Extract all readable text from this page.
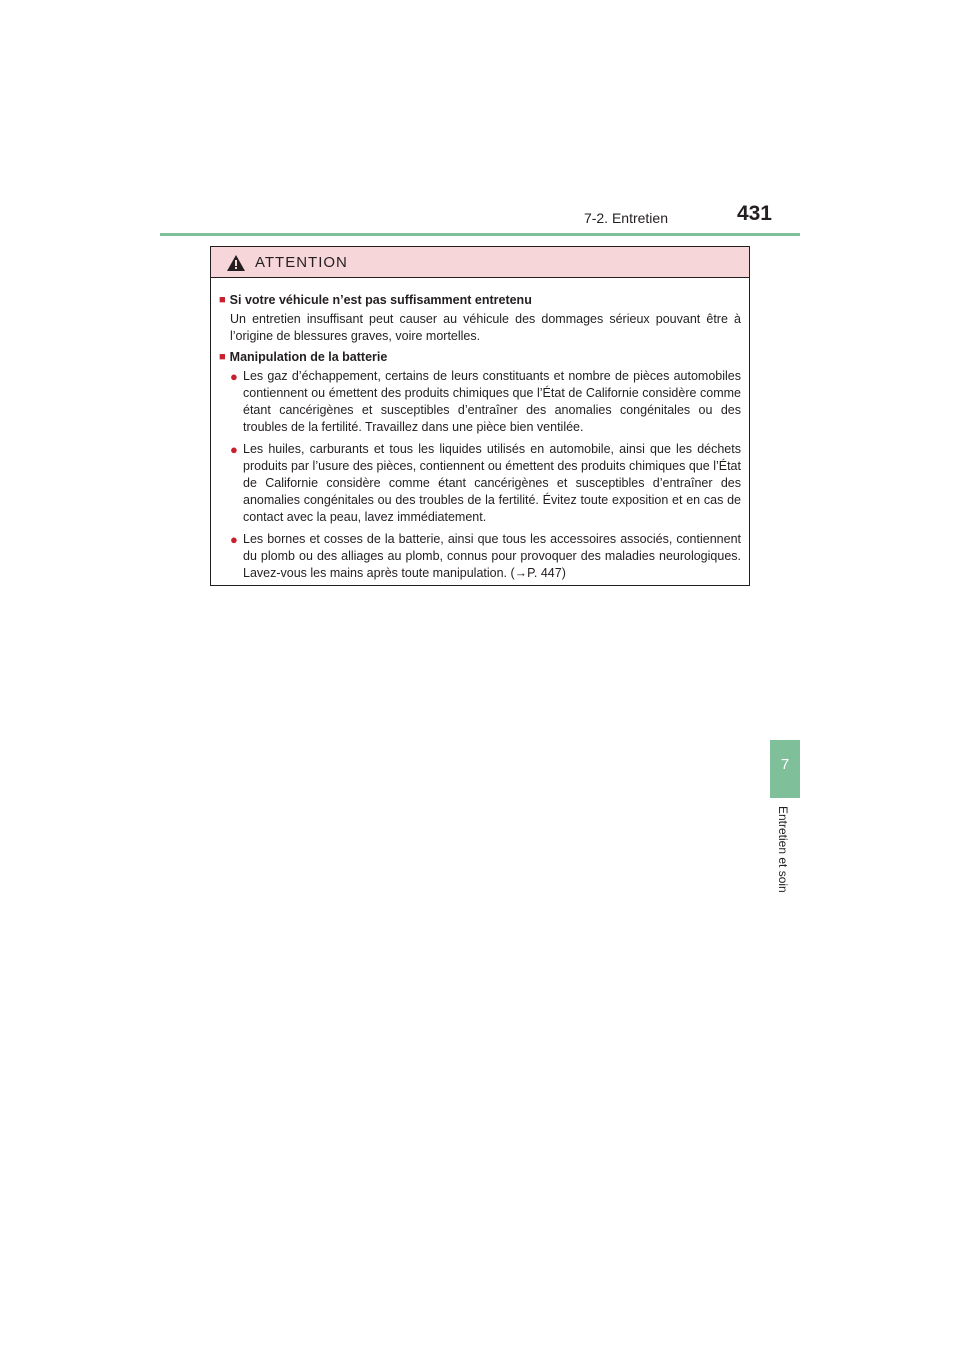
7-2. Entretien	431
ATTENTION
■ Si votre véhicule n’est pas suffisamment entretenu
Un entretien insuffisant peut causer au véhicule des dommages sérieux pouvant être à l’origine de blessures graves, voire mortelles.
■ Manipulation de la batterie
● Les gaz d’échappement, certains de leurs constituants et nombre de pièces automobiles contiennent ou émettent des produits chimiques que l’État de Californie considère comme étant cancérigènes et susceptibles d’entraîner des anomalies congénitales ou des troubles de la fertilité. Travaillez dans une pièce bien ventilée.
● Les huiles, carburants et tous les liquides utilisés en automobile, ainsi que les déchets produits par l’usure des pièces, contiennent ou émettent des produits chimiques que l’État de Californie considère comme étant cancérigènes et susceptibles d’entraîner des anomalies congénitales ou des troubles de la fertilité. Évitez toute exposition et en cas de contact avec la peau, lavez immédiatement.
● Les bornes et cosses de la batterie, ainsi que tous les accessoires associés, contiennent du plomb ou des alliages au plomb, connus pour provoquer des maladies neurologiques. Lavez-vous les mains après toute manipulation. (→P. 447)
7
Entretien et soin
